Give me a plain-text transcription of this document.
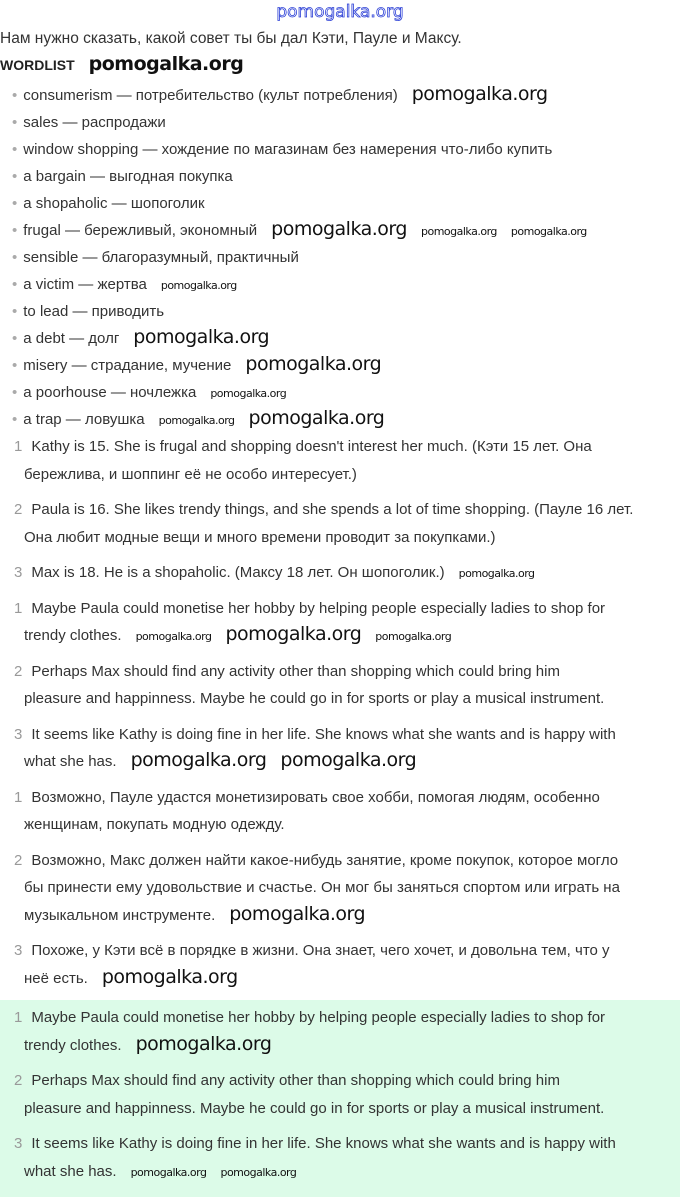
pomogalka.org
Нам нужно сказать, какой совет ты бы дал Кэти, Пауле и Максу.
WORDLIST pomogalka.org
• consumerism — потребительство (культ потребления) pomogalka.org
• sales — распродажи
• window shopping — хождение по магазинам без намерения что-либо купить
• a bargain — выгодная покупка
• a shopaholic — шопоголик
• frugal — бережливый, экономный pomogalka.org pomogalka.org pomogalka.org
• sensible — благоразумный, практичный
• a victim — жертва pomogalka.org
• to lead — приводить
• a debt — долг pomogalka.org
• misery — страдание, мучение pomogalka.org
• a poorhouse — ночлежка pomogalka.org
• a trap — ловушка pomogalka.org pomogalka.org
1 Kathy is 15. She is frugal and shopping doesn't interest her much. (Кэти 15 лет. Она
бережлива, и шоппинг её не особо интересует.)
2 Paula is 16. She likes trendy things, and she spends a lot of time shopping. (Пауле 16 лет.
Она любит модные вещи и много времени проводит за покупками.)
3 Max is 18. He is a shopaholic. (Максу 18 лет. Он шопоголик.) pomogalka.org
1 Maybe Paula could monetise her hobby by helping people especially ladies to shop for
trendy clothes. pomogalka.org pomogalka.org pomogalka.org
2 Perhaps Max should find any activity other than shopping which could bring him
pleasure and happinness. Maybe he could go in for sports or play a musical instrument.
3 It seems like Kathy is doing fine in her life. She knows what she wants and is happy with
what she has. pomogalka.org pomogalka.org
1 Возможно, Пауле удастся монетизировать свое хобби, помогая людям, особенно
женщинам, покупать модную одежду.
2 Возможно, Макс должен найти какое-нибудь занятие, кроме покупок, которое могло
бы принести ему удовольствие и счастье. Он мог бы заняться спортом или играть на
музыкальном инструменте. pomogalka.org
3 Похоже, у Кэти всё в порядке в жизни. Она знает, чего хочет, и довольна тем, что у
неё есть. pomogalka.org
1 Maybe Paula could monetise her hobby by helping people especially ladies to shop for
trendy clothes. pomogalka.org
2 Perhaps Max should find any activity other than shopping which could bring him
pleasure and happinness. Maybe he could go in for sports or play a musical instrument.
3 It seems like Kathy is doing fine in her life. She knows what she wants and is happy with
what she has. pomogalka.org pomogalka.org
